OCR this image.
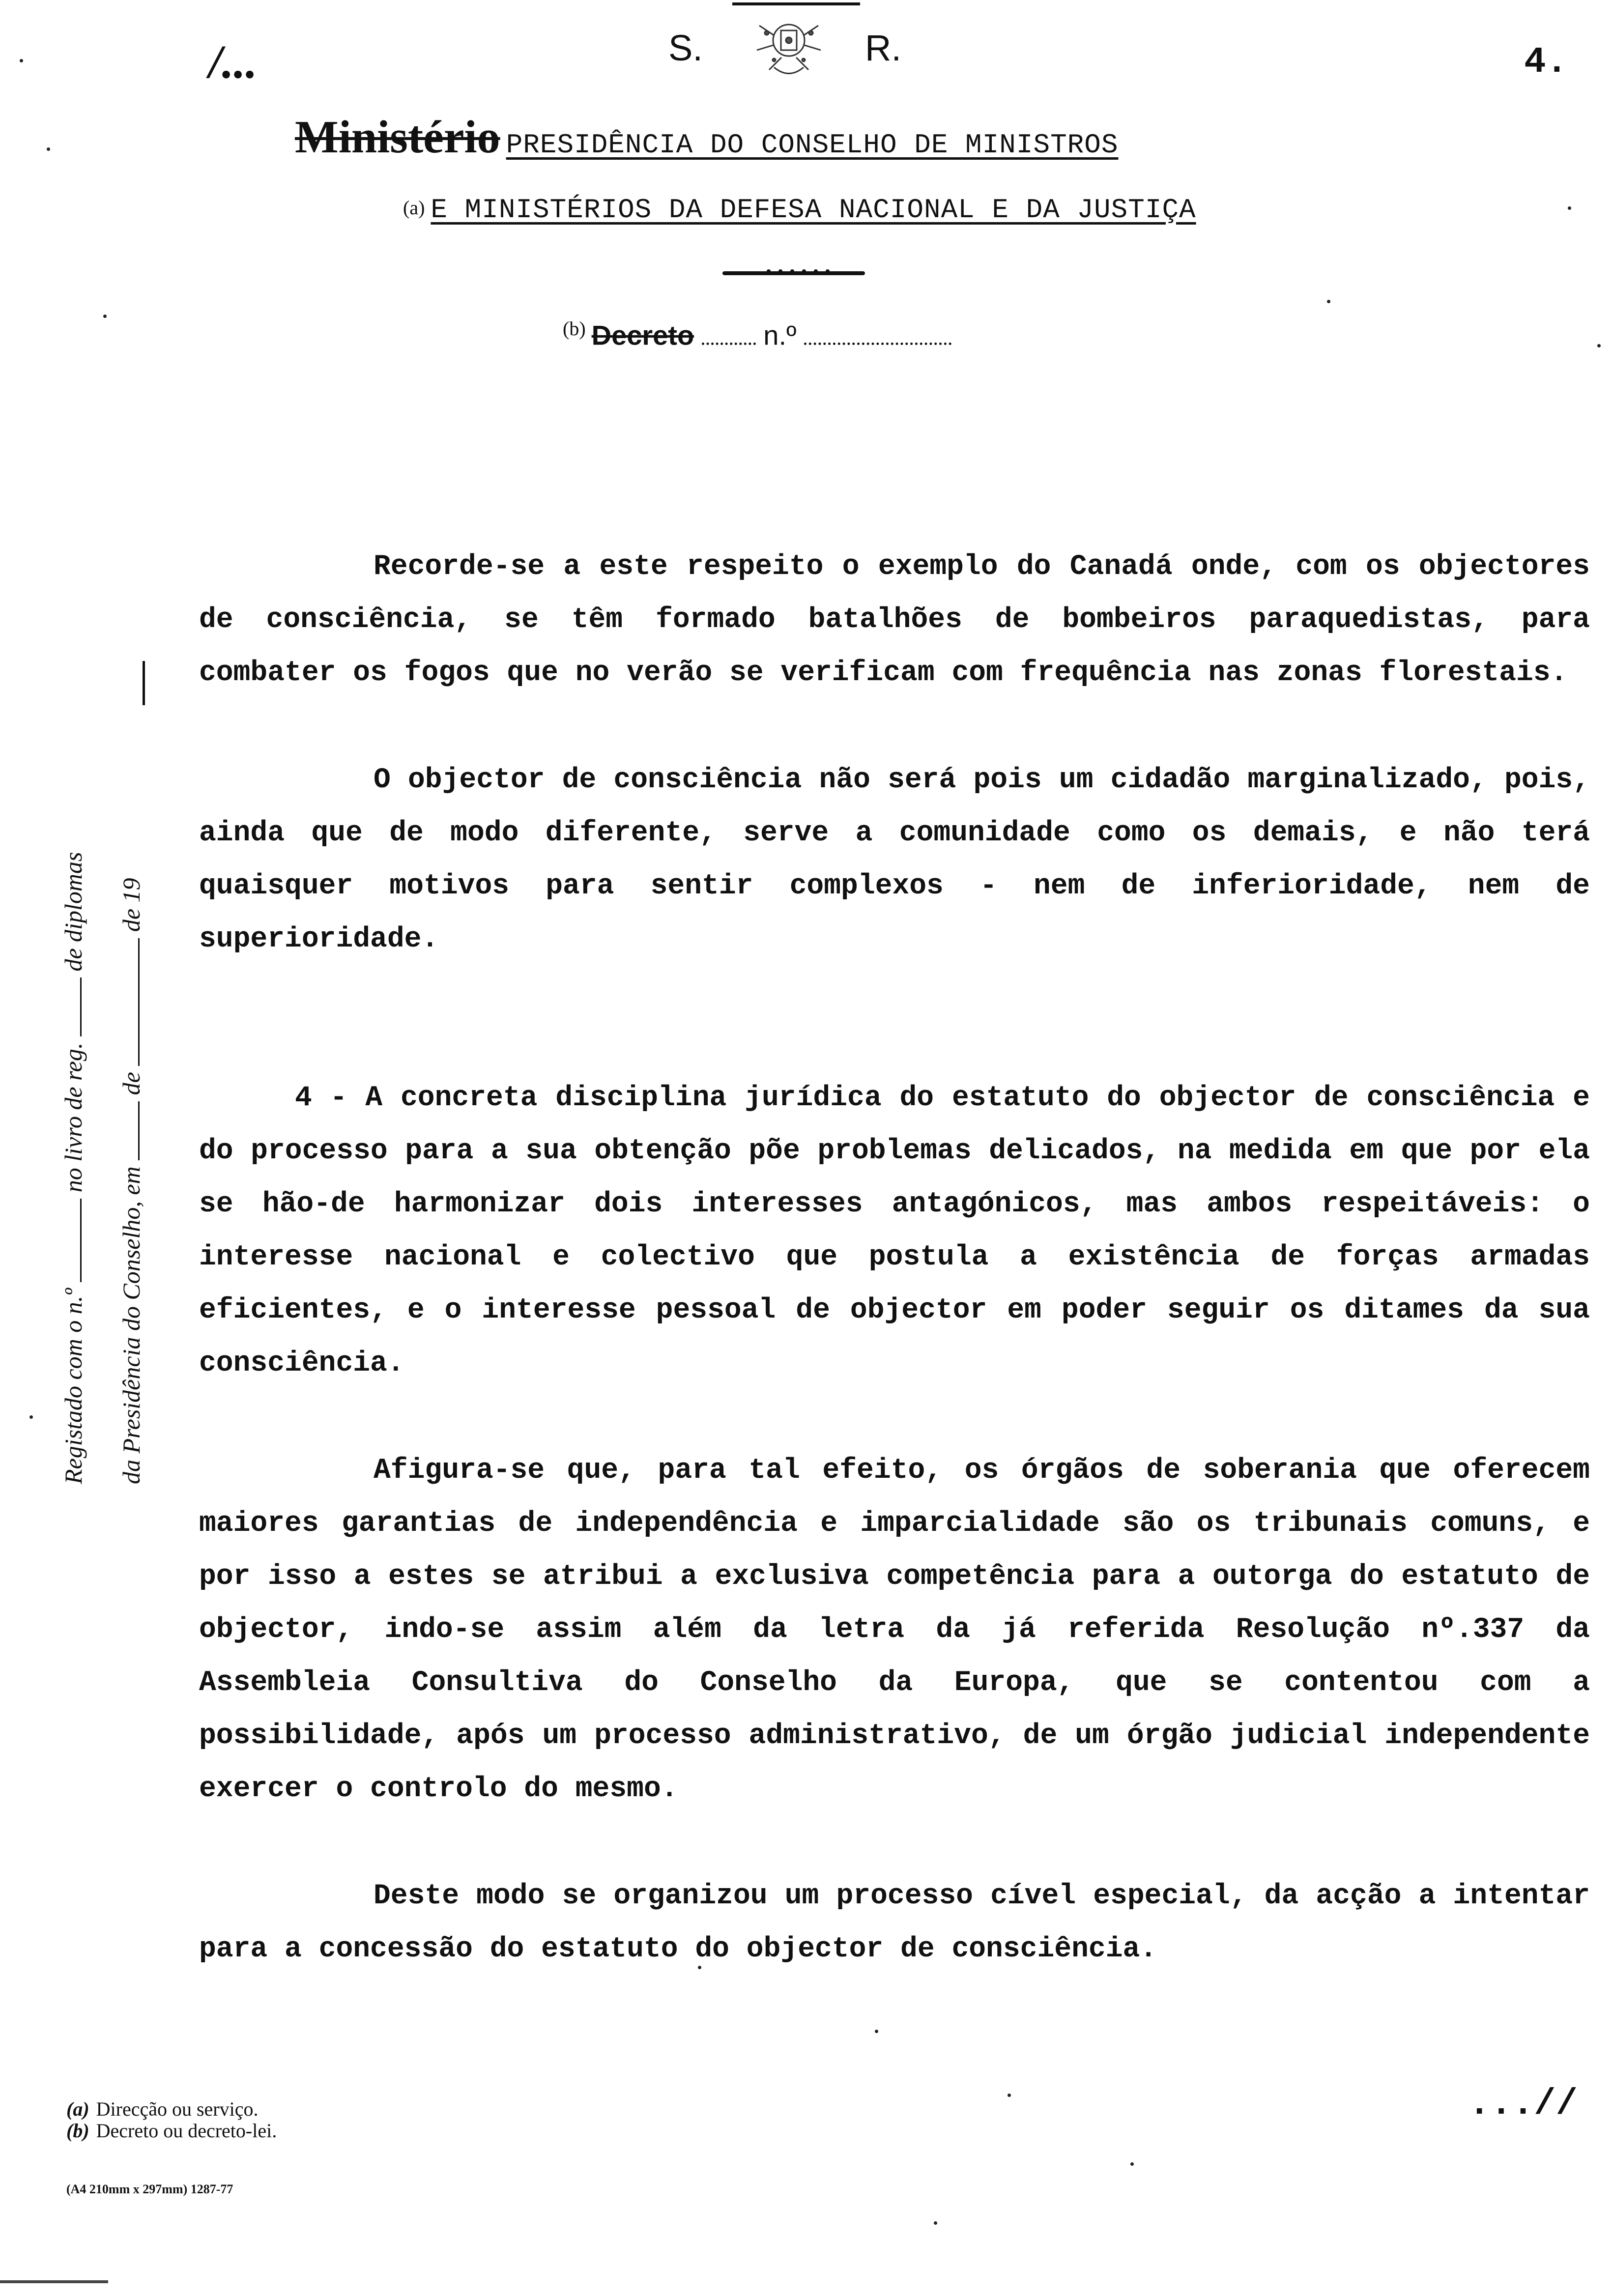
/...	S.	R.	4.
Ministério PRESIDÊNCIA DO CONSELHO DE MINISTROS
(a) E MINISTÉRIOS DA DEFESA NACIONAL E DA JUSTIÇA
••••••
$^{(b)}$ Decreto	n.º
Registado com o n.º  no livro de reg.  de diplomas
da Presidência do Conselho, em  de  de 19

Recorde-se a este respeito o exemplo do Canadá onde, com os objectores de consciência, se têm formado batalhões de bombeiros paraquedistas, para combater os fogos que no verão se verificam com frequência nas zonas florestais.

O objector de consciência não será pois um cidadão marginalizado, pois, ainda que de modo diferente, serve a comunidade como os demais, e não terá quaisquer motivos para sentir complexos - nem de inferioridade, nem de superioridade.

4 - A concreta disciplina jurídica do estatuto do objector de consciência e do processo para a sua obtenção põe problemas delicados, na medida em que por ela se hão-de harmonizar dois interesses antagónicos, mas ambos respeitáveis: o interesse nacional e colectivo que postula a existência de forças armadas eficientes, e o interesse pessoal de objector em poder seguir os ditames da sua consciência.

Afigura-se que, para tal efeito, os órgãos de soberania que oferecem maiores garantias de independência e imparcialidade são os tribunais comuns, e por isso a estes se atribui a exclusiva competência para a outorga do estatuto de objector, indo-se assim além da letra da já referida Resolução nº.337 da Assembleia Consultiva do Conselho da Europa, que se contentou com a possibilidade, após um processo administrativo, de um órgão judicial independente exercer o controlo do mesmo.

Deste modo se organizou um processo cível especial, da acção a intentar para a concessão do estatuto do objector de consciência.

...//
(a) Direcção ou serviço.
(b) Decreto ou decreto-lei.
(A4 210mm x 297mm) 1287-77
